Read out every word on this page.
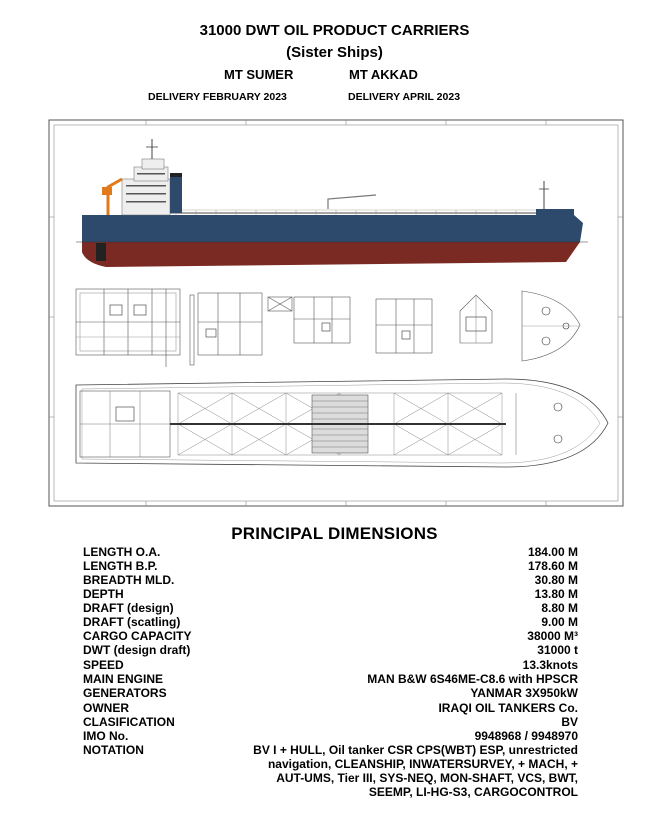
31000 DWT OIL PRODUCT CARRIERS
(Sister Ships)
MT SUMER	MT AKKAD
DELIVERY FEBRUARY 2023	DELIVERY APRIL 2023
PRINCIPAL DIMENSIONS
LENGTH O.A.	184.00 M
LENGTH B.P.	178.60 M
BREADTH MLD.	30.80 M
DEPTH	13.80 M
DRAFT (design)	8.80 M
DRAFT (scatling)	9.00 M
CARGO CAPACITY	38000 M³
DWT (design draft)	31000 t
SPEED	13.3knots
MAIN ENGINE	MAN B&W 6S46ME-C8.6 with HPSCR
GENERATORS	YANMAR 3X950kW
OWNER	IRAQI OIL TANKERS Co.
CLASIFICATION	BV
IMO No.	9948968 / 9948970
NOTATION	BV I + HULL, Oil tanker CSR CPS(WBT) ESP, unrestricted
navigation, CLEANSHIP, INWATERSURVEY, + MACH, +
AUT-UMS, Tier III, SYS-NEQ, MON-SHAFT, VCS, BWT,
SEEMP, LI-HG-S3, CARGOCONTROL
